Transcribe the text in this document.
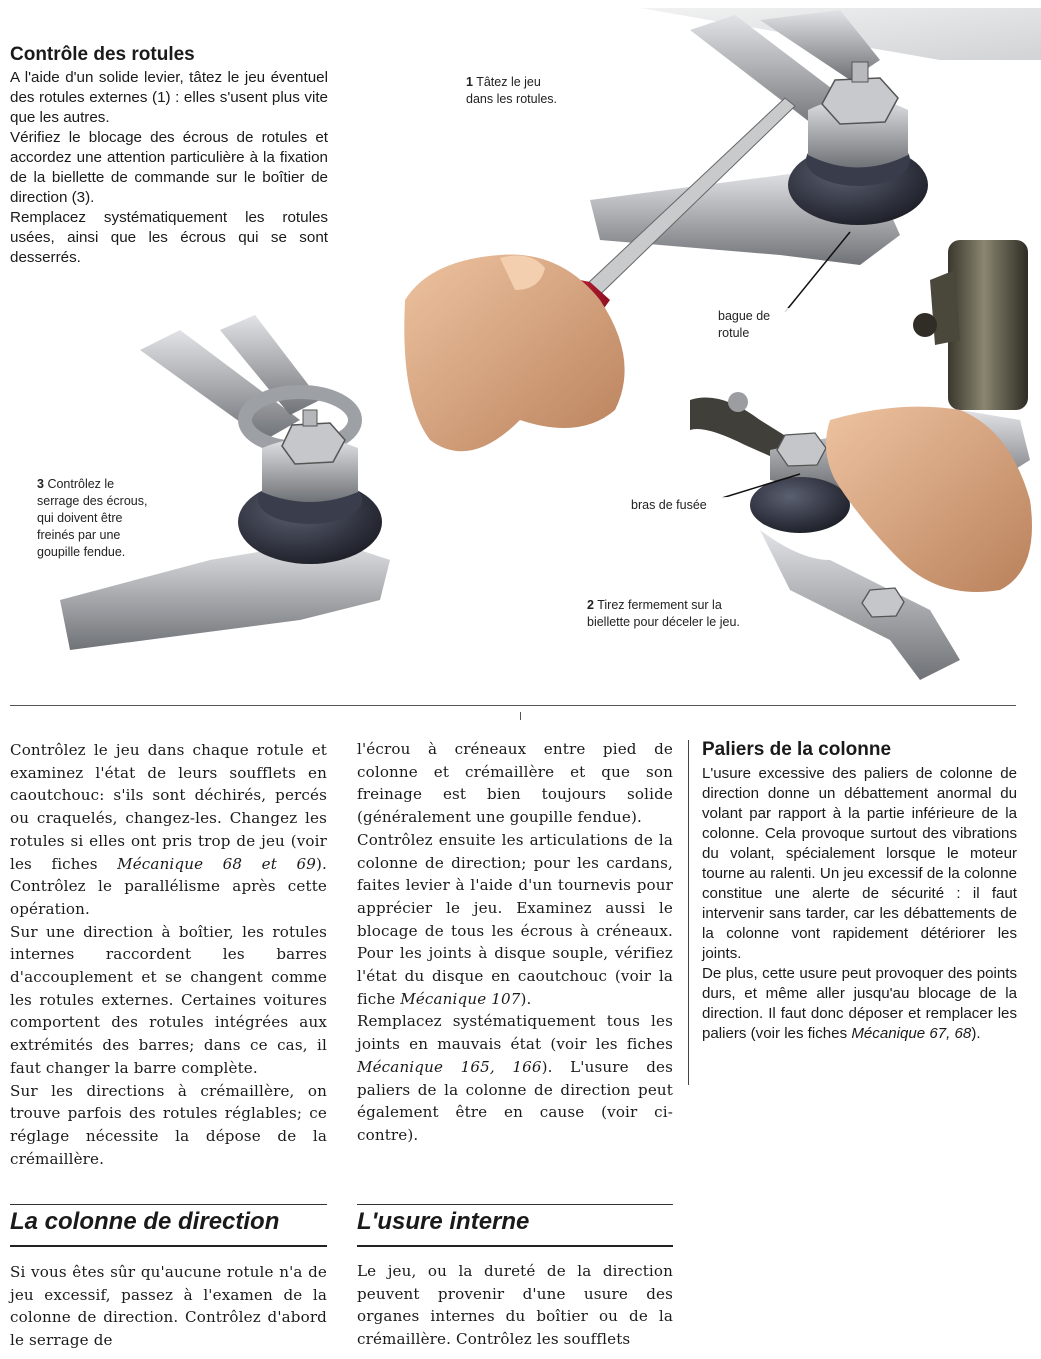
Contrôle des rotules

A l'aide d'un solide levier, tâtez le jeu éventuel des rotules externes (1) : elles s'usent plus vite que les autres.

Vérifiez le blocage des écrous de rotules et accordez une attention particulière à la fixation de la biellette de commande sur le boîtier de direction (3).

Remplacez systématiquement les rotules usées, ainsi que les écrous qui se sont desserrés.

1 Tâtez le jeu dans les rotules.
bague de rotule
3 Contrôlez le serrage des écrous, qui doivent être freinés par une goupille fendue.
bras de fusée
2 Tirez fermement sur la biellette pour déceler le jeu.

Contrôlez le jeu dans chaque rotule et examinez l'état de leurs soufflets en caoutchouc: s'ils sont déchirés, percés ou craquelés, changez-les. Changez les rotules si elles ont pris trop de jeu (voir les fiches Mécanique 68 et 69). Contrôlez le parallélisme après cette opération.

Sur une direction à boîtier, les rotules internes raccordent les barres d'accouplement et se changent comme les rotules externes. Certaines voitures comportent des rotules intégrées aux extrémités des barres; dans ce cas, il faut changer la barre complète.

Sur les directions à crémaillère, on trouve parfois des rotules réglables; ce réglage nécessite la dépose de la crémaillère.

La colonne de direction

Si vous êtes sûr qu'aucune rotule n'a de jeu excessif, passez à l'examen de la colonne de direction. Contrôlez d'abord le serrage de

l'écrou à créneaux entre pied de colonne et crémaillère et que son freinage est bien toujours solide (généralement une goupille fendue).

Contrôlez ensuite les articulations de la colonne de direction; pour les cardans, faites levier à l'aide d'un tournevis pour apprécier le jeu. Examinez aussi le blocage de tous les écrous à créneaux. Pour les joints à disque souple, vérifiez l'état du disque en caoutchouc (voir la fiche Mécanique 107).

Remplacez systématiquement tous les joints en mauvais état (voir les fiches Mécanique 165, 166). L'usure des paliers de la colonne de direction peut également être en cause (voir ci-contre).

L'usure interne

Le jeu, ou la dureté de la direction peuvent provenir d'une usure des organes internes du boîtier ou de la crémaillère. Contrôlez les soufflets

Paliers de la colonne

L'usure excessive des paliers de colonne de direction donne un débattement anormal du volant par rapport à la partie inférieure de la colonne. Cela provoque surtout des vibrations du volant, spécialement lorsque le moteur tourne au ralenti. Un jeu excessif de la colonne constitue une alerte de sécurité : il faut intervenir sans tarder, car les débattements de la colonne vont rapidement détériorer les joints.

De plus, cette usure peut provoquer des points durs, et même aller jusqu'au blocage de la direction. Il faut donc déposer et remplacer les paliers (voir les fiches Mécanique 67, 68).
